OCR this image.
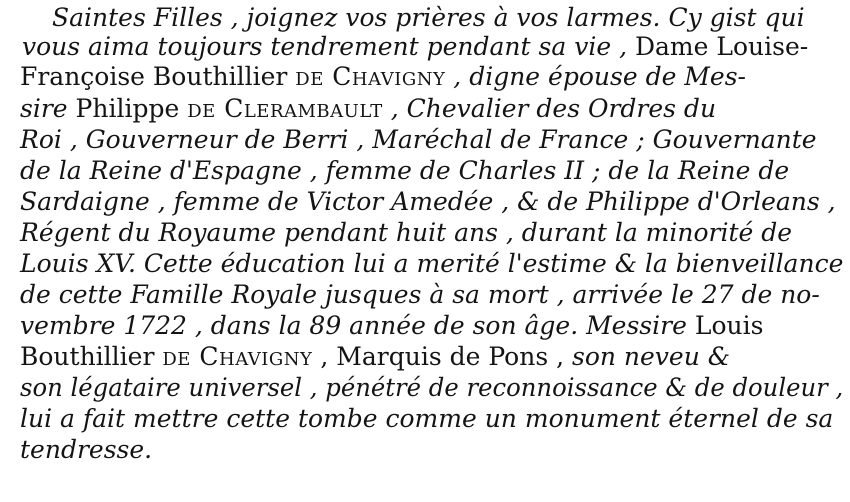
Saintes Filles , joignez vos prières à vos larmes. Cy gist qui
vous aima toujours tendrement pendant sa vie , Dame Louise-
Françoise Bouthillier de Chavigny , digne épouse de Mes-
sire Philippe de Clerambault , Chevalier des Ordres du
Roi , Gouverneur de Berri , Maréchal de France ; Gouvernante
de la Reine d'Espagne , femme de Charles II ; de la Reine de
Sardaigne , femme de Victor Amedée , & de Philippe d'Orleans ,
Régent du Royaume pendant huit ans , durant la minorité de
Louis XV. Cette éducation lui a merité l'estime & la bienveillance
de cette Famille Royale jusques à sa mort , arrivée le 27 de no-
vembre 1722 , dans la 89 année de son âge. Messire Louis
Bouthillier de Chavigny , Marquis de Pons , son neveu &
son légataire universel , pénétré de reconnoissance & de douleur ,
lui a fait mettre cette tombe comme un monument éternel de sa
tendresse.
